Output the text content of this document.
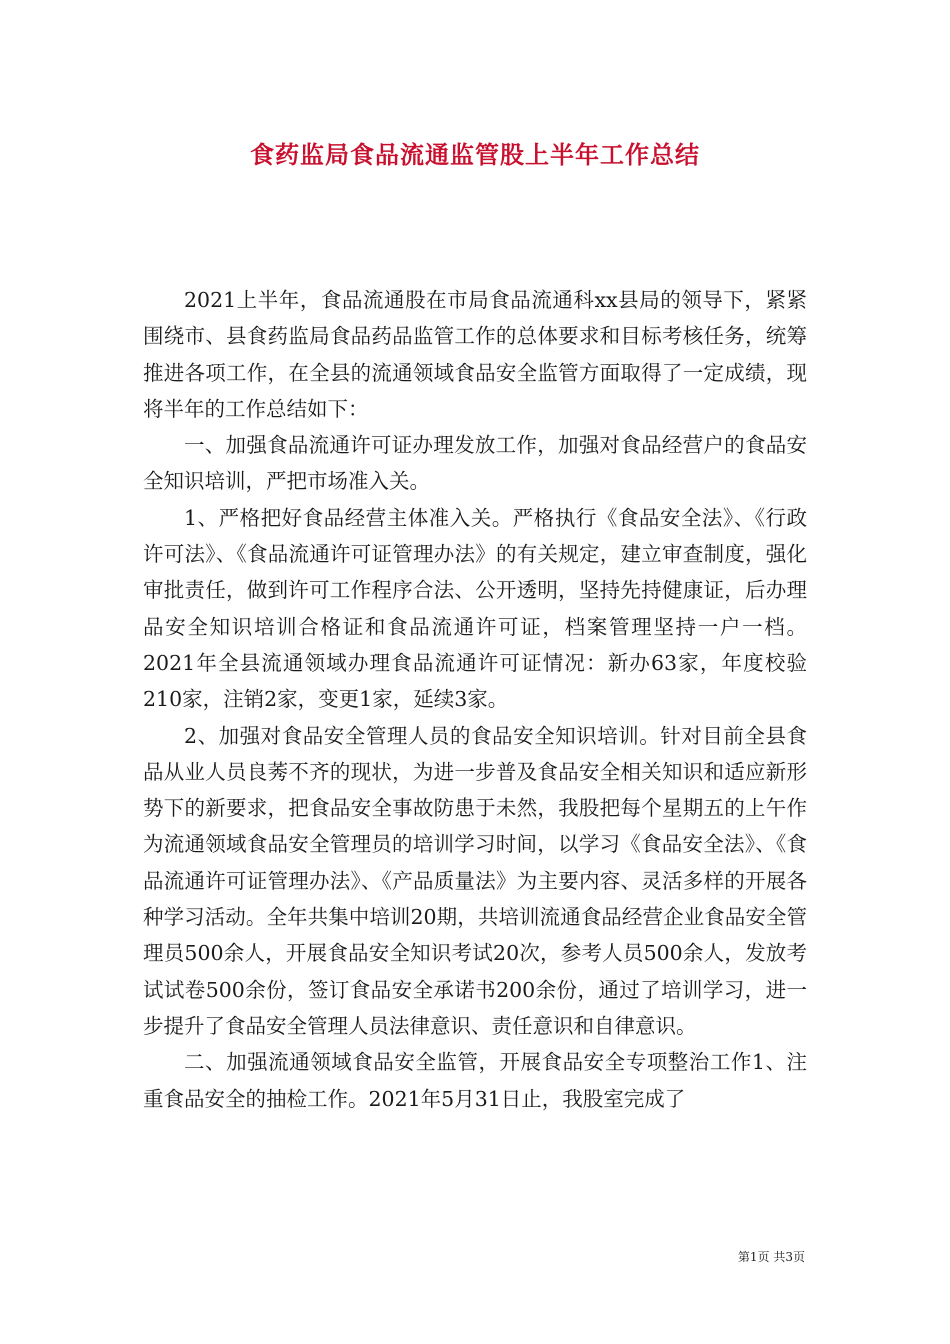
食药监局食品流通监管股上半年工作总结

2021上半年，食品流通股在市局食品流通科xx县局的领导下，紧紧围绕市、县食药监局食品药品监管工作的总体要求和目标考核任务，统筹推进各项工作，在全县的流通领域食品安全监管方面取得了一定成绩，现将半年的工作总结如下：

一、加强食品流通许可证办理发放工作，加强对食品经营户的食品安全知识培训，严把市场准入关。

1、严格把好食品经营主体准入关。严格执行《食品安全法》、《行政许可法》、《食品流通许可证管理办法》的有关规定，建立审查制度，强化审批责任，做到许可工作程序合法、公开透明，坚持先持健康证，后办理品安全知识培训合格证和食品流通许可证，档案管理坚持一户一档。2021年全县流通领域办理食品流通许可证情况：新办63家，年度校验210家，注销2家，变更1家，延续3家。

2、加强对食品安全管理人员的食品安全知识培训。针对目前全县食品从业人员良莠不齐的现状，为进一步普及食品安全相关知识和适应新形势下的新要求，把食品安全事故防患于未然，我股把每个星期五的上午作为流通领域食品安全管理员的培训学习时间，以学习《食品安全法》、《食品流通许可证管理办法》、《产品质量法》为主要内容、灵活多样的开展各种学习活动。全年共集中培训20期，共培训流通食品经营企业食品安全管理员500余人，开展食品安全知识考试20次，参考人员500余人，发放考试试卷500余份，签订食品安全承诺书200余份，通过了培训学习，进一步提升了食品安全管理人员法律意识、责任意识和自律意识。

二、加强流通领域食品安全监管，开展食品安全专项整治工作1、注重食品安全的抽检工作。2021年5月31日止，我股室完成了

第1页 共3页
